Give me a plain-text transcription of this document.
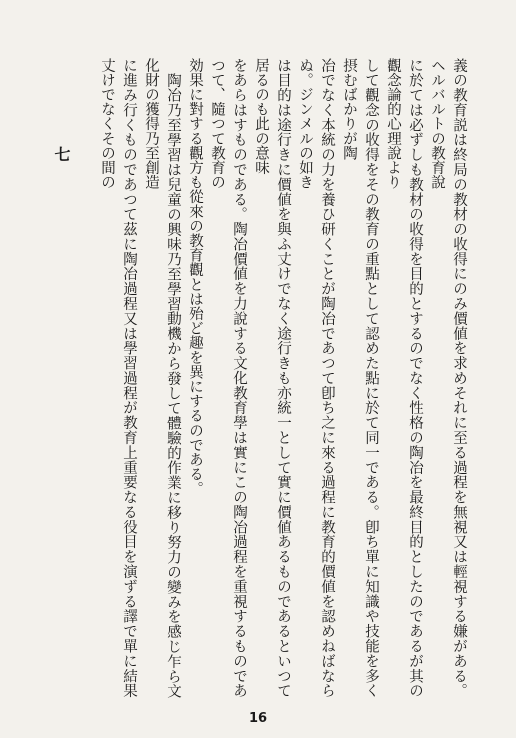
義の教育説は終局の教材の收得にのみ價値を求めそれに至る過程を無視又は輕視する嫌がある。ヘルバルトの教育說

に於ては必ずしも教材の收得を目的とするのでなく性格の陶冶を最終目的としたのであるが其の觀念論的心理說より

して觀念の收得をその教育の重點として認めた點に於て同一である。卽ち單に知識や技能を多く摂むばかりが陶

冶でなく本統の力を養ひ研くことが陶冶であつて卽ち之に來る過程に教育的價値を認めねばならぬ。ジンメルの如き

は目的は途行きに價値を與ふ丈けでなく途行きも亦統一として實に價値あるものであるといつて居るのも此の意味

をあらはすものである。陶冶價値を力說する文化教育學は實にこの陶冶過程を重視するものであつて、隨つて教育の

効果に對する觀方も從來の教育觀とは殆ど趣を異にするのである。

陶冶乃至學習は兒童の興味乃至學習動機から發して體驗的作業に移り努力の變みを感じ乍ら文化財の獲得乃至創造

に進み行くものであつて茲に陶冶過程又は學習過程が教育上重要なる役目を演ずる譯で單に結果丈けでなくその間の

七
16
